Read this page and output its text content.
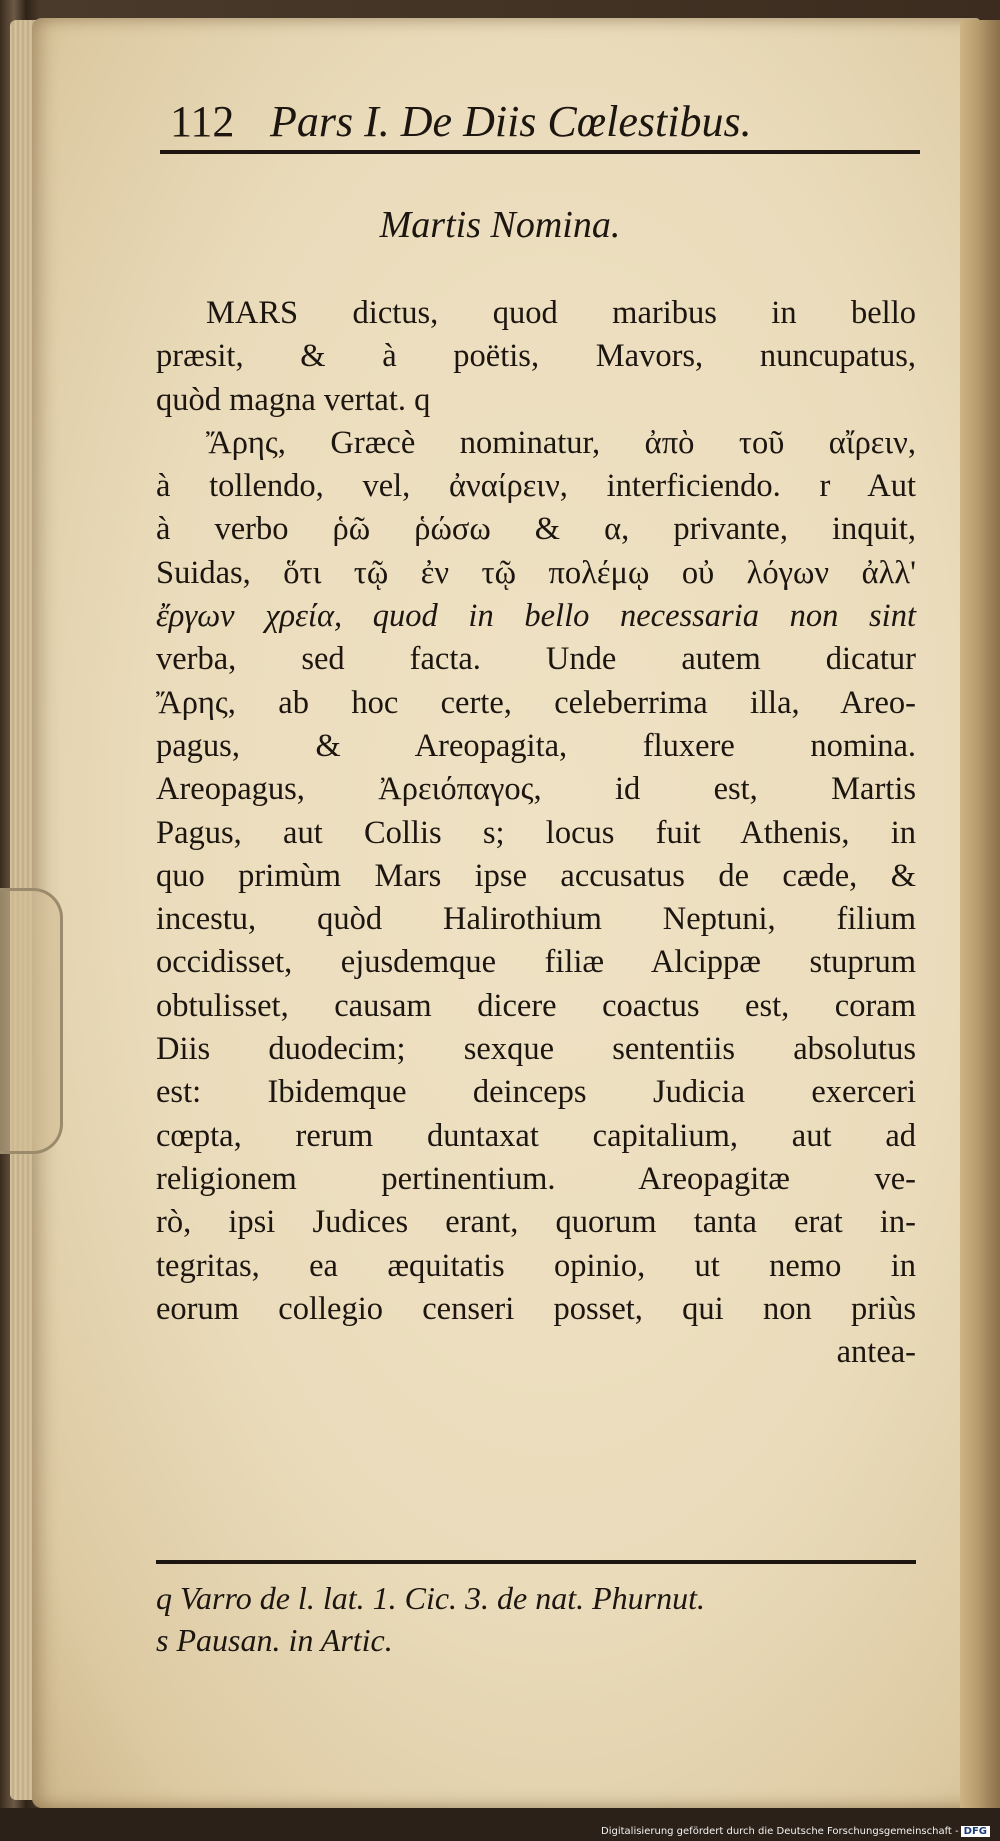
112 Pars I. De Diis Cœlestibus.
Martis Nomina.
MARS dictus, quod maribus in bello
præsit, & à poëtis, Mavors, nuncupatus,
quòd magna vertat. q
Ἄρης, Græcè nominatur, ἀπὸ τοῦ αἴρειν,
à tollendo, vel, ἀναίρειν, interficiendo. r Aut
à verbo ῥῶ ῥώσω & α, privante, inquit,
Suidas, ὅτι τῷ ἐν τῷ πολέμῳ οὐ λόγων ἀλλ'
ἔργων χρεία, quod in bello necessaria non sint
verba, sed facta. Unde autem dicatur
Ἄρης, ab hoc certe, celeberrima illa, Areo-
pagus, & Areopagita, fluxere nomina.
Areopagus, Ἀρειόπαγος, id est, Martis
Pagus, aut Collis s; locus fuit Athenis, in
quo primùm Mars ipse accusatus de cæde, &
incestu, quòd Halirothium Neptuni, filium
occidisset, ejusdemque filiæ Alcippæ stuprum
obtulisset, causam dicere coactus est, coram
Diis duodecim; sexque sententiis absolutus
est: Ibidemque deinceps Judicia exerceri
cœpta, rerum duntaxat capitalium, aut ad
religionem pertinentium. Areopagitæ ve-
rò, ipsi Judices erant, quorum tanta erat in-
tegritas, ea æquitatis opinio, ut nemo in
eorum collegio censeri posset, qui non priùs
antea-
q Varro de l. lat. 1. Cic. 3. de nat. Phurnut.
s Pausan. in Artic.
Digitalisierung gefördert durch die Deutsche Forschungsgemeinschaft - DFG
